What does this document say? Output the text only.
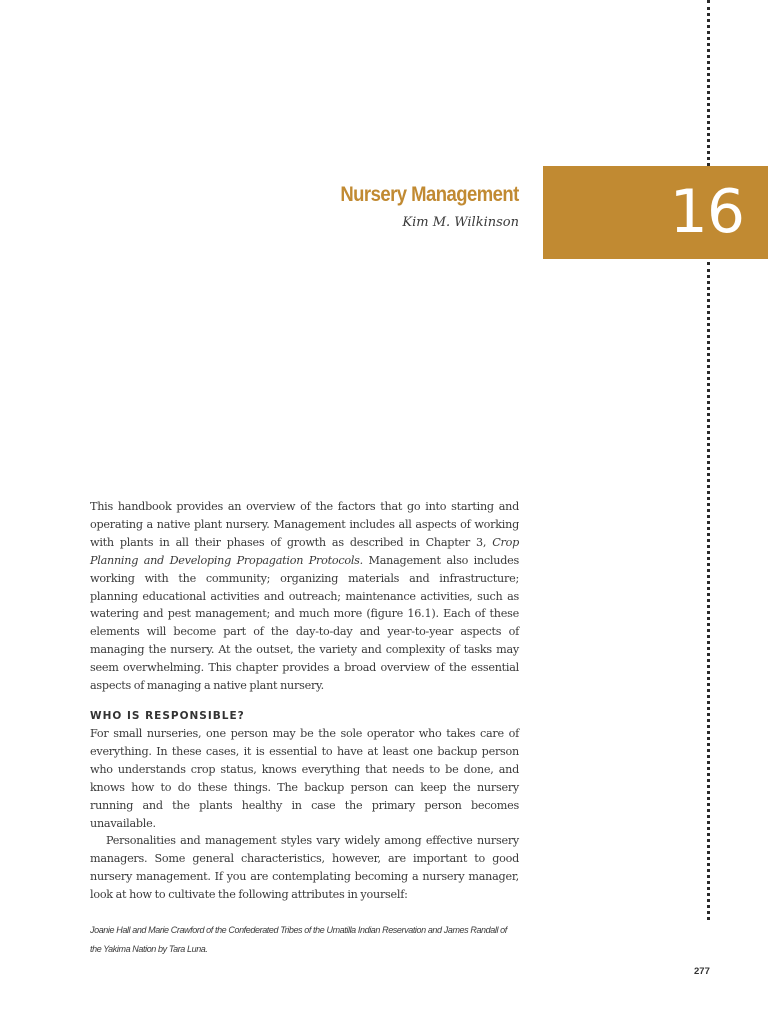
16
Nursery Management
Kim M. Wilkinson

This handbook provides an overview of the factors that go into starting and operating a native plant nursery. Management includes all aspects of working with plants in all their phases of growth as described in Chapter 3, Crop Planning and Developing Propagation Protocols. Management also includes working with the community; organizing materials and infrastructure; planning educational activities and outreach; maintenance activities, such as watering and pest management; and much more (figure 16.1). Each of these elements will become part of the day-to-day and year-to-year aspects of managing the nursery. At the outset, the variety and complexity of tasks may seem overwhelming. This chapter provides a broad overview of the essential aspects of managing a native plant nursery.

WHO IS RESPONSIBLE?

For small nurseries, one person may be the sole operator who takes care of everything. In these cases, it is essential to have at least one backup person who understands crop status, knows everything that needs to be done, and knows how to do these things. The backup person can keep the nursery running and the plants healthy in case the primary person becomes unavailable.

Personalities and management styles vary widely among effective nursery managers. Some general characteristics, however, are important to good nursery management. If you are contemplating becoming a nursery manager, look at how to cultivate the following attributes in yourself:

Joanie Hall and Marie Crawford of the Confederated Tribes of the Umatilla Indian Reservation and James Randall of the Yakima Nation by Tara Luna.

277
